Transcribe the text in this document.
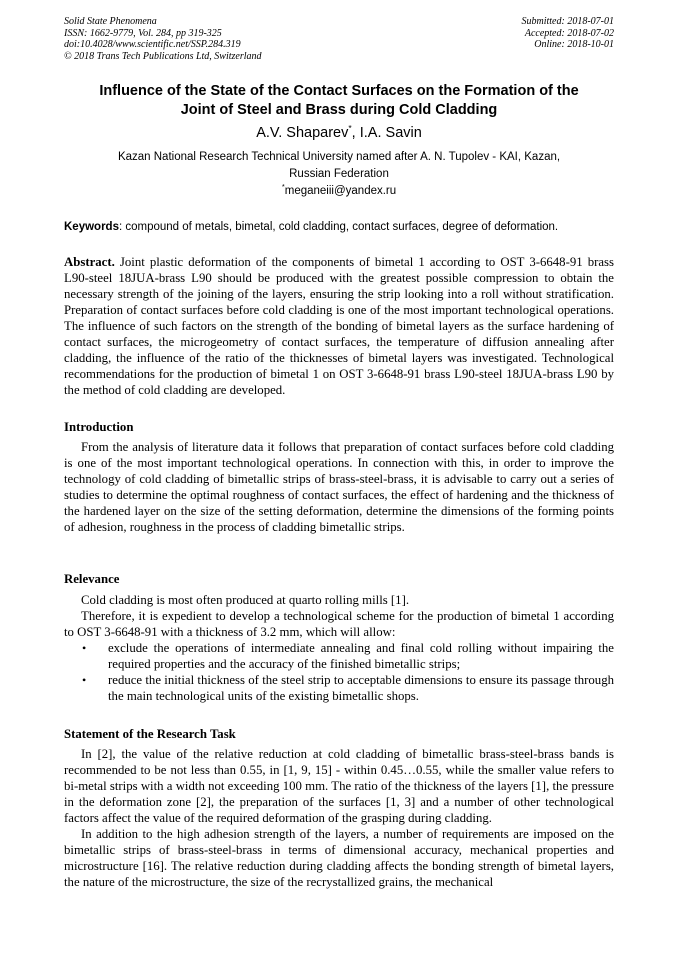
Solid State Phenomena
ISSN: 1662-9779, Vol. 284, pp 319-325
doi:10.4028/www.scientific.net/SSP.284.319
© 2018 Trans Tech Publications Ltd, Switzerland
Submitted: 2018-07-01
Accepted: 2018-07-02
Online: 2018-10-01
Influence of the State of the Contact Surfaces on the Formation of the
Joint of Steel and Brass during Cold Cladding
A.V. Shaparev*, I.A. Savin
Kazan National Research Technical University named after A. N. Tupolev - KAI, Kazan,
Russian Federation
*meganeiii@yandex.ru
Keywords: compound of metals, bimetal, cold cladding, contact surfaces, degree of deformation.

Abstract. Joint plastic deformation of the components of bimetal 1 according to OST 3-6648-91 brass L90-steel 18JUA-brass L90 should be produced with the greatest possible compression to obtain the necessary strength of the joining of the layers, ensuring the strip looking into a roll without stratification. Preparation of contact surfaces before cold cladding is one of the most important technological operations. The influence of such factors on the strength of the bonding of bimetal layers as the surface hardening of contact surfaces, the microgeometry of contact surfaces, the temperature of diffusion annealing after cladding, the influence of the ratio of the thicknesses of bimetal layers was investigated. Technological recommendations for the production of bimetal 1 on OST 3-6648-91 brass L90-steel 18JUA-brass L90 by the method of cold cladding are developed.

Introduction

From the analysis of literature data it follows that preparation of contact surfaces before cold cladding is one of the most important technological operations. In connection with this, in order to improve the technology of cold cladding of bimetallic strips of brass-steel-brass, it is advisable to carry out a series of studies to determine the optimal roughness of contact surfaces, the effect of hardening and the thickness of the hardened layer on the size of the setting deformation, determine the dimensions of the forming points of adhesion, roughness in the process of cladding bimetallic strips.

Relevance

Cold cladding is most often produced at quarto rolling mills [1].

Therefore, it is expedient to develop a technological scheme for the production of bimetal 1 according to OST 3-6648-91 with a thickness of 3.2 mm, which will allow:

• exclude the operations of intermediate annealing and final cold rolling without impairing the required properties and the accuracy of the finished bimetallic strips;
• reduce the initial thickness of the steel strip to acceptable dimensions to ensure its passage through the main technological units of the existing bimetallic shops.
Statement of the Research Task

In [2], the value of the relative reduction at cold cladding of bimetallic brass-steel-brass bands is recommended to be not less than 0.55, in [1, 9, 15] - within 0.45…0.55, while the smaller value refers to bi-metal strips with a width not exceeding 100 mm. The ratio of the thickness of the layers [1], the pressure in the deformation zone [2], the preparation of the surfaces [1, 3] and a number of other technological factors affect the value of the required deformation of the grasping during cladding.

In addition to the high adhesion strength of the layers, a number of requirements are imposed on the bimetallic strips of brass-steel-brass in terms of dimensional accuracy, mechanical properties and microstructure [16]. The relative reduction during cladding affects the bonding strength of bimetal layers, the nature of the microstructure, the size of the recrystallized grains, the mechanical
